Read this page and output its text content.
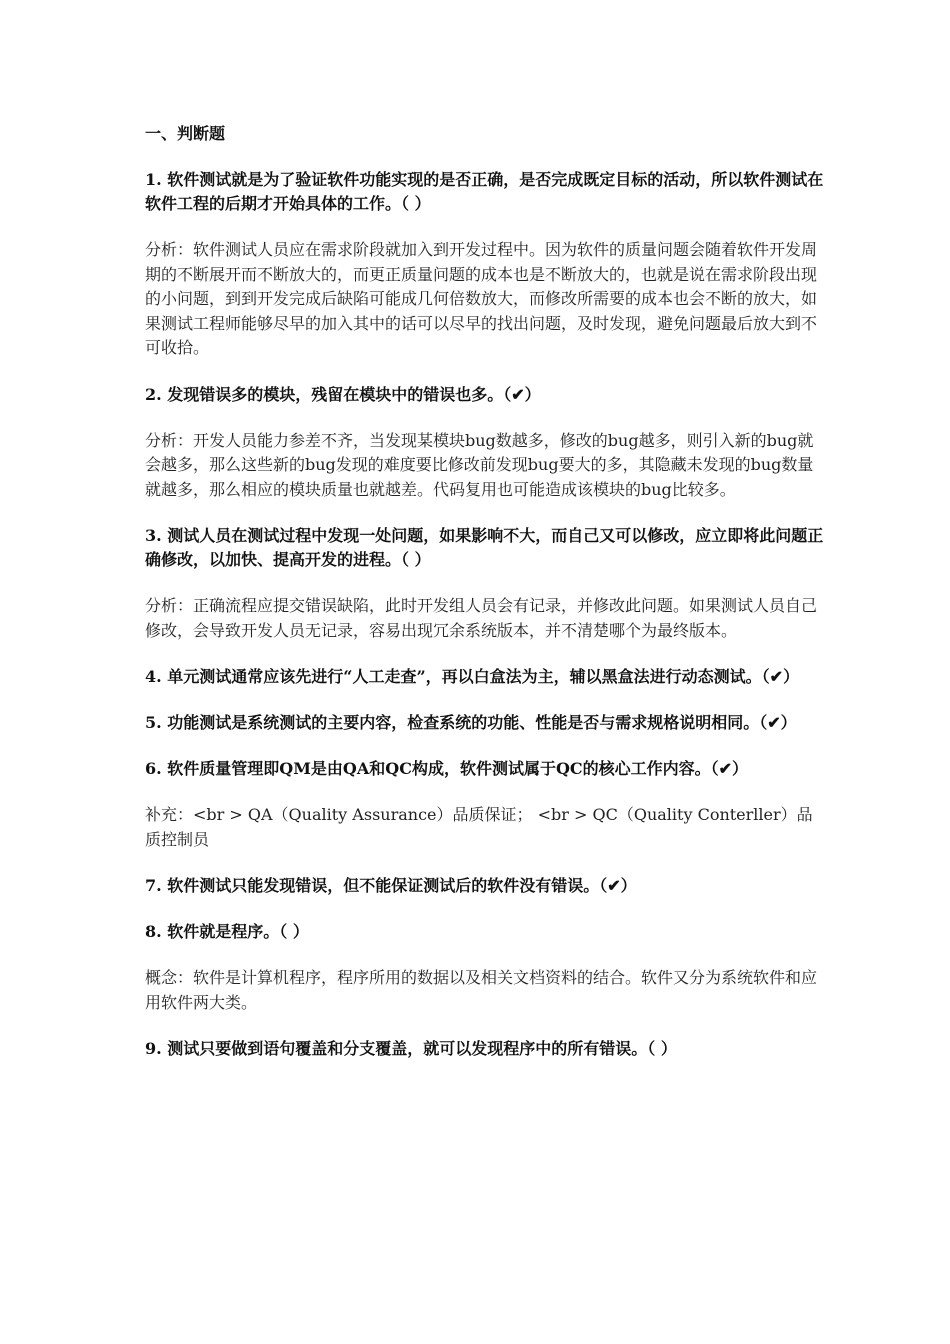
一、判断题
1. 软件测试就是为了验证软件功能实现的是否正确，是否完成既定目标的活动，所以软件测试在软件工程的后期才开始具体的工作。（ ）
分析：软件测试人员应在需求阶段就加入到开发过程中。因为软件的质量问题会随着软件开发周期的不断展开而不断放大的，而更正质量问题的成本也是不断放大的，也就是说在需求阶段出现的小问题，到到开发完成后缺陷可能成几何倍数放大，而修改所需要的成本也会不断的放大，如果测试工程师能够尽早的加入其中的话可以尽早的找出问题，及时发现，避免问题最后放大到不可收拾。
2. 发现错误多的模块，残留在模块中的错误也多。（✔）
分析：开发人员能力参差不齐，当发现某模块bug数越多，修改的bug越多，则引入新的bug就会越多，那么这些新的bug发现的难度要比修改前发现bug要大的多，其隐藏未发现的bug数量就越多，那么相应的模块质量也就越差。代码复用也可能造成该模块的bug比较多。
3. 测试人员在测试过程中发现一处问题，如果影响不大，而自己又可以修改，应立即将此问题正确修改，以加快、提高开发的进程。（ ）
分析：正确流程应提交错误缺陷，此时开发组人员会有记录，并修改此问题。如果测试人员自己修改，会导致开发人员无记录，容易出现冗余系统版本，并不清楚哪个为最终版本。
4. 单元测试通常应该先进行“人工走查”，再以白盒法为主，辅以黑盒法进行动态测试。（✔）
5. 功能测试是系统测试的主要内容，检查系统的功能、性能是否与需求规格说明相同。（✔）
6. 软件质量管理即QM是由QA和QC构成，软件测试属于QC的核心工作内容。（✔）
补充：<br > QA（Quality Assurance）品质保证； <br > QC（Quality Conterller）品质控制员
7. 软件测试只能发现错误，但不能保证测试后的软件没有错误。（✔）
8. 软件就是程序。（ ）
概念：软件是计算机程序，程序所用的数据以及相关文档资料的结合。软件又分为系统软件和应用软件两大类。
9. 测试只要做到语句覆盖和分支覆盖，就可以发现程序中的所有错误。（ ）
